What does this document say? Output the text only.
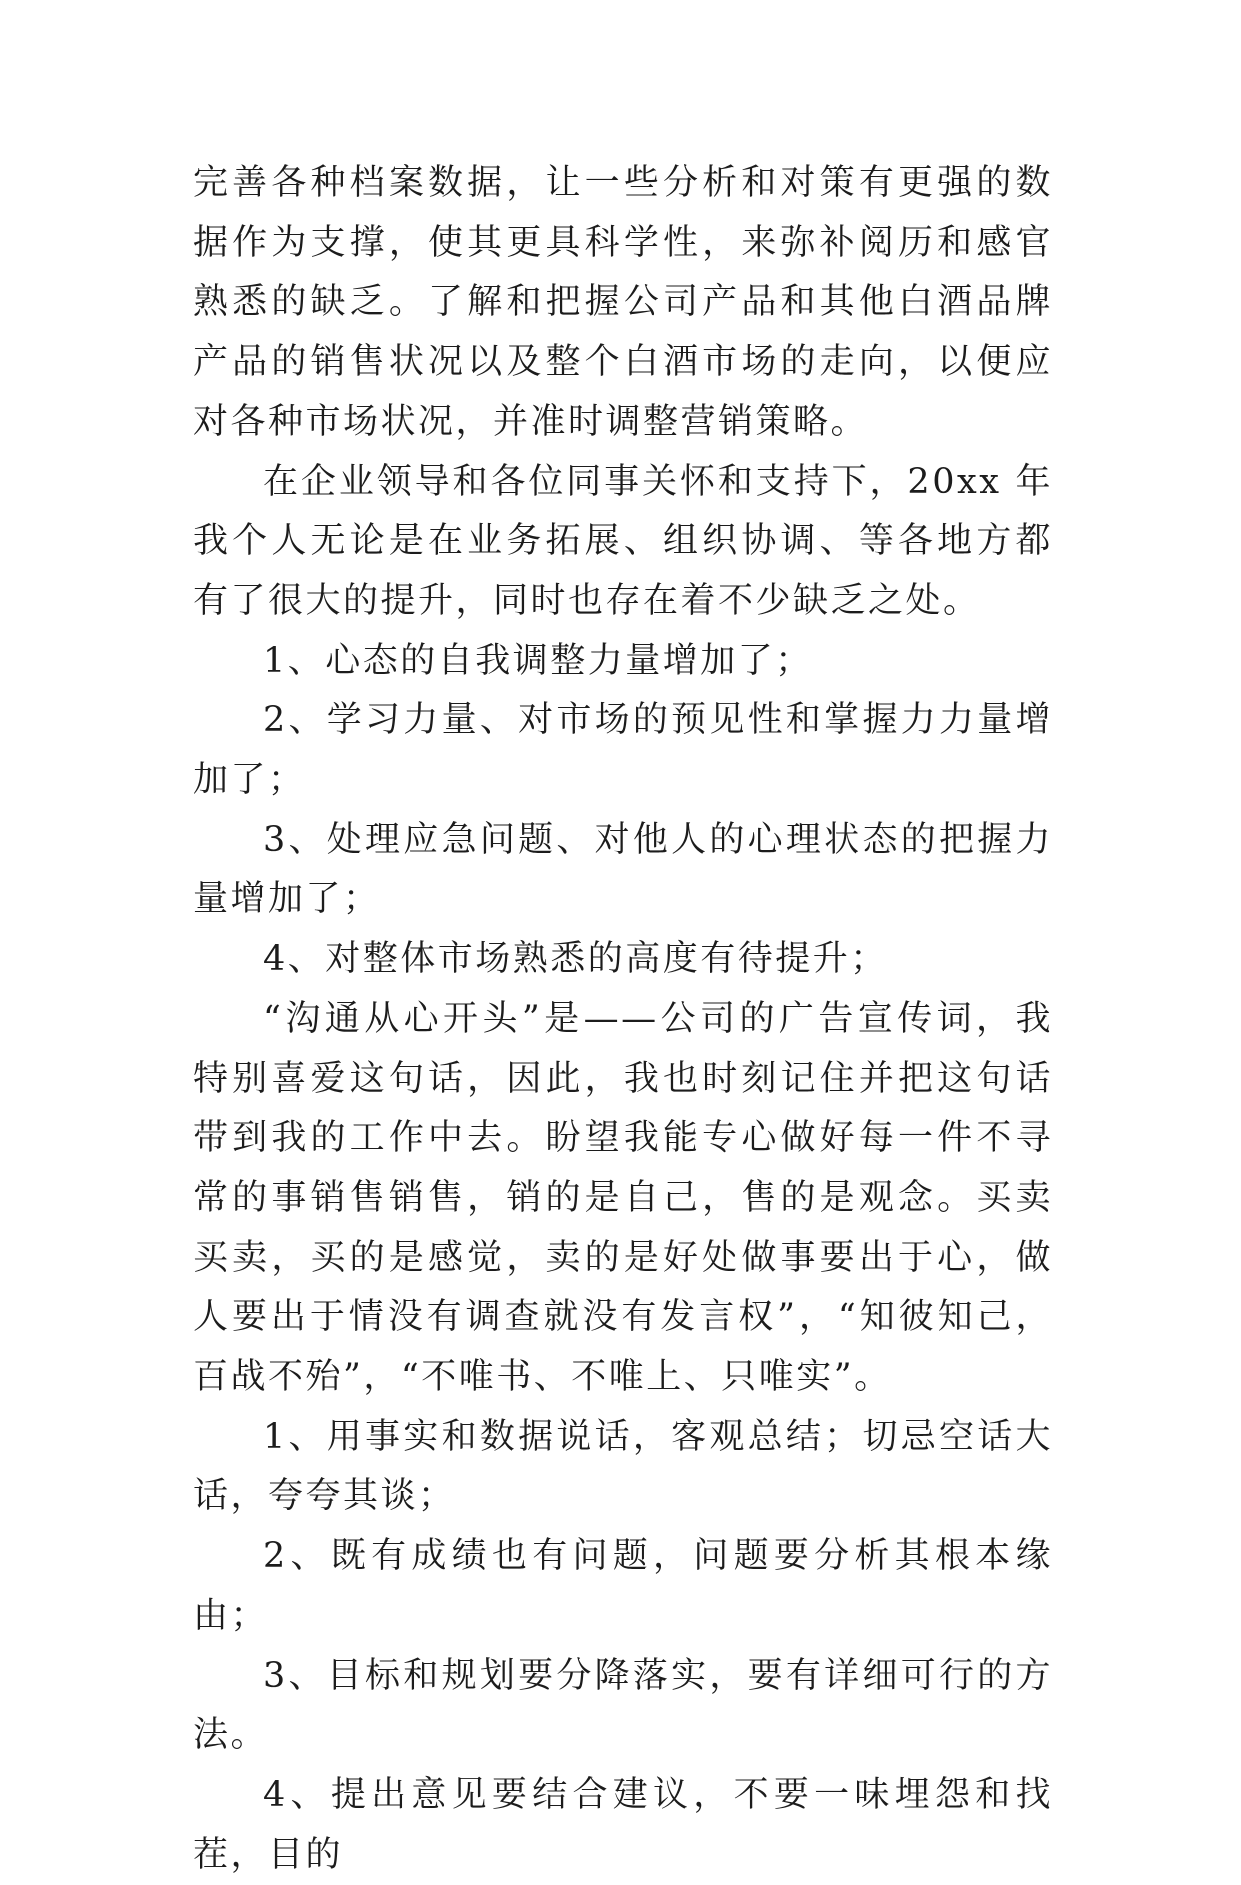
完善各种档案数据，让一些分析和对策有更强的数据作为支撑，使其更具科学性，来弥补阅历和感官熟悉的缺乏。了解和把握公司产品和其他白酒品牌产品的销售状况以及整个白酒市场的走向，以便应对各种市场状况，并准时调整营销策略。

在企业领导和各位同事关怀和支持下，20xx 年我个人无论是在业务拓展、组织协调、等各地方都有了很大的提升，同时也存在着不少缺乏之处。

1、心态的自我调整力量增加了；

2、学习力量、对市场的预见性和掌握力力量增加了；

3、处理应急问题、对他人的心理状态的把握力量增加了；

4、对整体市场熟悉的高度有待提升；

“沟通从心开头”是——公司的广告宣传词，我特别喜爱这句话，因此，我也时刻记住并把这句话带到我的工作中去。盼望我能专心做好每一件不寻常的事销售销售，销的是自己，售的是观念。买卖买卖，买的是感觉，卖的是好处做事要出于心，做人要出于情没有调查就没有发言权”，“知彼知己，百战不殆”，“不唯书、不唯上、只唯实”。

1、用事实和数据说话，客观总结；切忌空话大话，夸夸其谈；

2、既有成绩也有问题，问题要分析其根本缘由；

3、目标和规划要分降落实，要有详细可行的方法。

4、提出意见要结合建议，不要一味埋怨和找茬，目的
